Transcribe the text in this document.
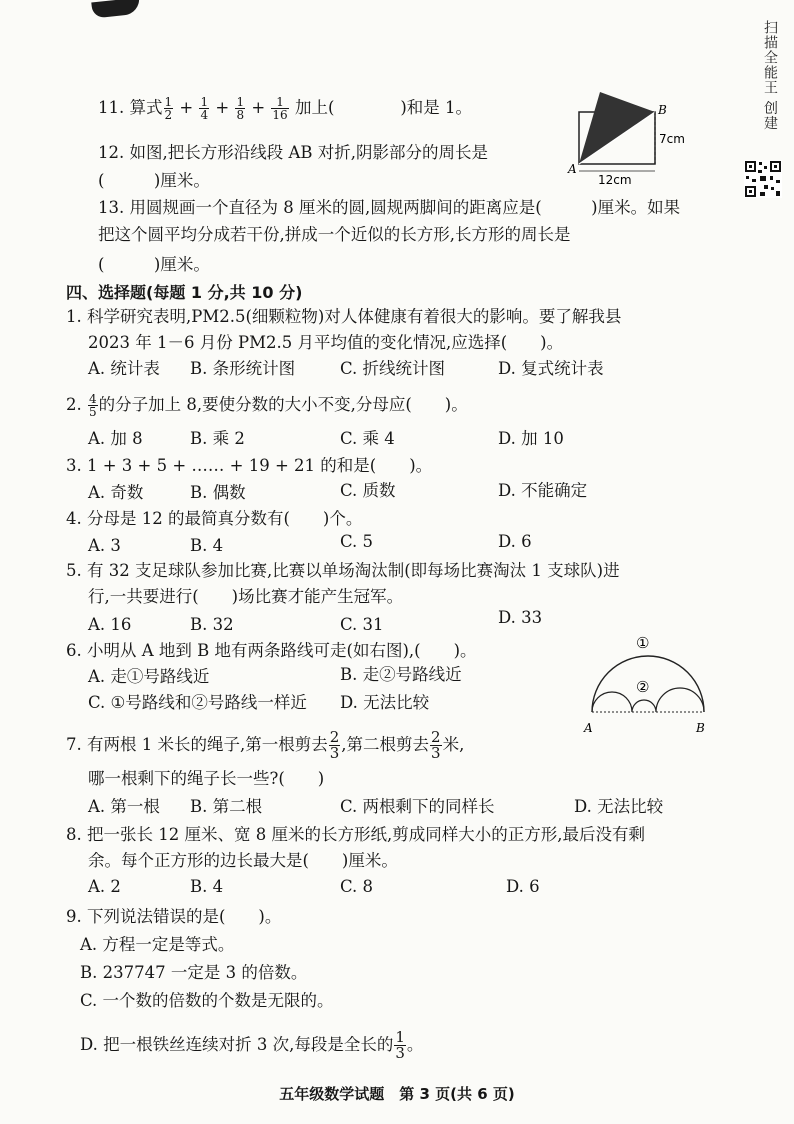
扫描全能王 创建
11. 算式 $\frac{1}{2} + \frac{1}{4} + \frac{1}{8} + \frac{1}{16}$ 加上(　　　　)和是 1。
12. 如图,把长方形沿线段 AB 对折,阴影部分的周长是
(　　　)厘米。
A
B
7cm
12cm
13. 用圆规画一个直径为 8 厘米的圆,圆规两脚间的距离应是(　　　)厘米。如果
把这个圆平均分成若干份,拼成一个近似的长方形,长方形的周长是
(　　　)厘米。
四、选择题(每题 1 分,共 10 分)
1. 科学研究表明,PM2.5(细颗粒物)对人体健康有着很大的影响。要了解我县
2023 年 1－6 月份 PM2.5 月平均值的变化情况,应选择(　　)。
A. 统计表 B. 条形统计图	C. 折线统计图	D. 复式统计表
2. $\frac{4}{5}$ 的分子加上 8,要使分数的大小不变,分母应(　　)。
A. 加 8	B. 乘 2	C. 乘 4	D. 加 10
3. 1 + 3 + 5 + …… + 19 + 21 的和是(　　)。
A. 奇数	B. 偶数	C. 质数	D. 不能确定
4. 分母是 12 的最简真分数有(　　)个。
A. 3	B. 4	C. 5	D. 6
5. 有 32 支足球队参加比赛,比赛以单场淘汰制(即每场比赛淘汰 1 支球队)进
行,一共要进行(　　)场比赛才能产生冠军。
A. 16	B. 32	C. 31	D. 33
6. 小明从 A 地到 B 地有两条路线可走(如右图),(　　)。
A. 走①号路线近	B. 走②号路线近
C. ①号路线和②号路线一样近 D. 无法比较
①
②
A	B
7. 有两根 1 米长的绳子,第一根剪去 $\frac{2}{3}$ ,第二根剪去 $\frac{2}{3}$ 米,
哪一根剩下的绳子长一些?(　　)
A. 第一根 B. 第二根	C. 两根剩下的同样长	D. 无法比较
8. 把一张长 12 厘米、宽 8 厘米的长方形纸,剪成同样大小的正方形,最后没有剩
余。每个正方形的边长最大是(　　)厘米。
A. 2	B. 4	C. 8	D. 6
9. 下列说法错误的是(　　)。
A. 方程一定是等式。
B. 237747 一定是 3 的倍数。
C. 一个数的倍数的个数是无限的。
D. 把一根铁丝连续对折 3 次,每段是全长的 $\frac{1}{3}$ 。
五年级数学试题　第 3 页(共 6 页)
